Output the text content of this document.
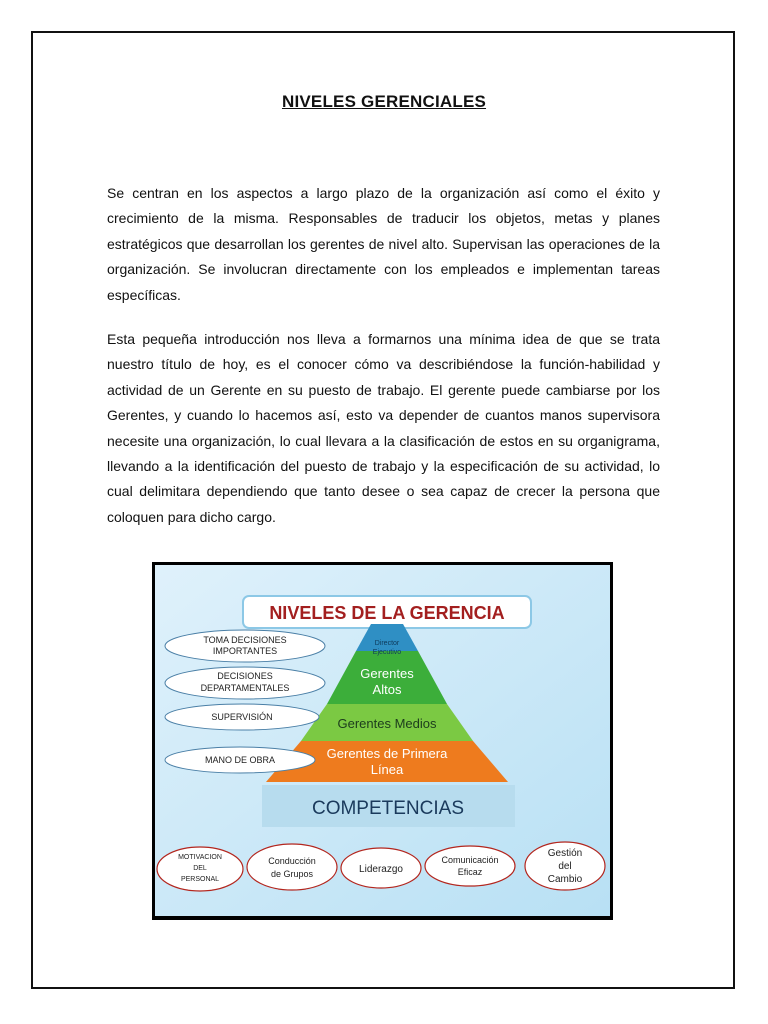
NIVELES GERENCIALES

Se centran en los aspectos a largo plazo de la organización así como el éxito y crecimiento de la misma. Responsables de traducir los objetos, metas y planes estratégicos que desarrollan los gerentes de nivel alto. Supervisan las operaciones de la organización. Se involucran directamente con los empleados e implementan tareas específicas.

Esta pequeña introducción nos lleva a formarnos una mínima idea de que se trata nuestro título de hoy, es el conocer cómo va describiéndose la función-habilidad y actividad de un Gerente en su puesto de trabajo. El gerente puede cambiarse por los Gerentes, y cuando lo hacemos así, esto va depender de cuantos manos supervisora necesite una organización, lo cual llevara a la clasificación de estos en su organigrama, llevando a la identificación del puesto de trabajo y la especificación de su actividad, lo cual delimitara dependiendo que tanto desee o sea capaz de crecer la persona que coloquen para dicho cargo.

NIVELES DE LA GERENCIA
COMPETENCIAS
Director
Ejecutivo
Gerentes
Altos
Gerentes Medios
Gerentes de Primera
Línea
TOMA DECISIONES
IMPORTANTES
DECISIONES
DEPARTAMENTALES
SUPERVISIÓN
MANO DE OBRA
MOTIVACION
DEL
PERSONAL
Conducción
de Grupos	Liderazgo
Comunicación
Eficaz
Gestión
del
Cambio
